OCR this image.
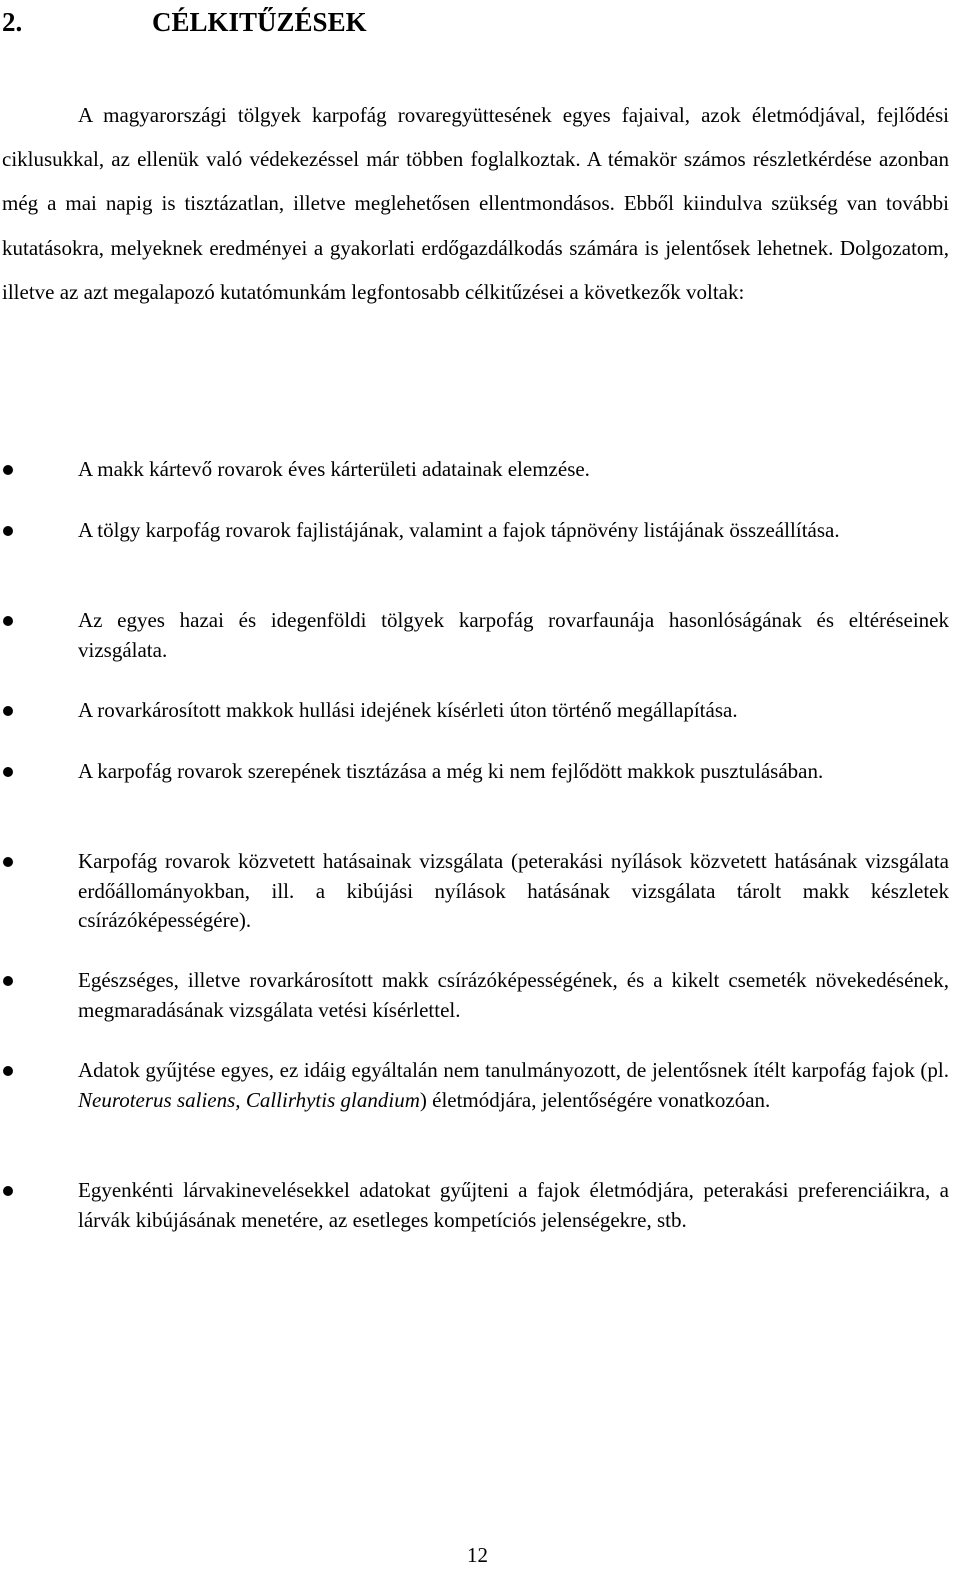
2.	CÉLKITŰZÉSEK

A magyarországi tölgyek karpofág rovaregyüttesének egyes fajaival, azok életmódjával, fejlődési ciklusukkal, az ellenük való védekezéssel már többen foglalkoztak. A témakör számos részletkérdése azonban még a mai napig is tisztázatlan, illetve meglehetősen ellentmondásos. Ebből kiindulva szükség van további kutatásokra, melyeknek eredményei a gyakorlati erdőgazdálkodás számára is jelentősek lehetnek. Dolgozatom, illetve az azt megalapozó kutatómunkám legfontosabb célkitűzései a következők voltak:

A makk kártevő rovarok éves kárterületi adatainak elemzése.

A tölgy karpofág rovarok fajlistájának, valamint a fajok tápnövény listájának összeállítása.

Az egyes hazai és idegenföldi tölgyek karpofág rovarfaunája hasonlóságának és eltéréseinek vizsgálata.

A rovarkárosított makkok hullási idejének kísérleti úton történő megállapítása.

A karpofág rovarok szerepének tisztázása a még ki nem fejlődött makkok pusztulásában.

Karpofág rovarok közvetett hatásainak vizsgálata (peterakási nyílások közvetett hatásának vizsgálata erdőállományokban, ill. a kibújási nyílások hatásának vizsgálata tárolt makk készletek csírázóképességére).

Egészséges, illetve rovarkárosított makk csírázóképességének, és a kikelt csemeték növekedésének, megmaradásának vizsgálata vetési kísérlettel.

Adatok gyűjtése egyes, ez idáig egyáltalán nem tanulmányozott, de jelentősnek ítélt karpofág fajok (pl. Neuroterus saliens, Callirhytis glandium) életmódjára, jelentőségére vonatkozóan.

Egyenkénti lárvakinevelésekkel adatokat gyűjteni a fajok életmódjára, peterakási preferenciáikra, a lárvák kibújásának menetére, az esetleges kompetíciós jelenségekre, stb.

12
